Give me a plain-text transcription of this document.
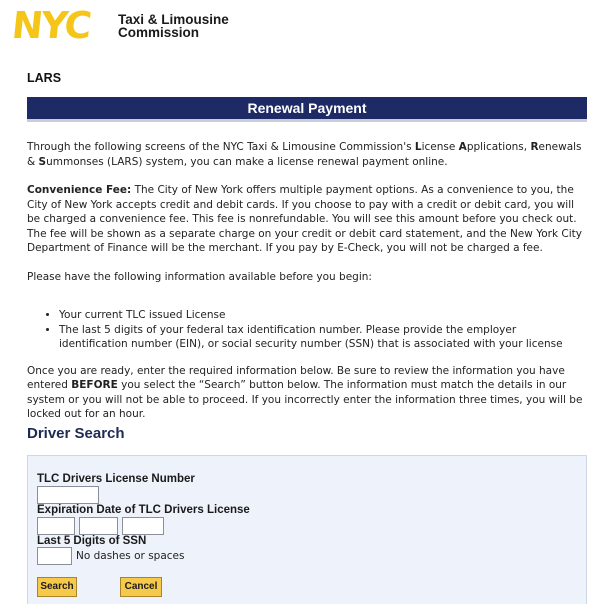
NYC Taxi & Limousine
Commission
LARS
Renewal Payment

Through the following screens of the NYC Taxi & Limousine Commission's License Applications, Renewals & Summonses (LARS) system, you can make a license renewal payment online.

Convenience Fee: The City of New York offers multiple payment options. As a convenience to you, the City of New York accepts credit and debit cards. If you choose to pay with a credit or debit card, you will be charged a convenience fee. This fee is nonrefundable. You will see this amount before you check out. The fee will be shown as a separate charge on your credit or debit card statement, and the New York City Department of Finance will be the merchant. If you pay by E-Check, you will not be charged a fee.

Please have the following information available before you begin:

• Your current TLC issued License
• The last 5 digits of your federal tax identification number. Please provide the employer identification number (EIN), or social security number (SSN) that is associated with your license

Once you are ready, enter the required information below. Be sure to review the information you have entered BEFORE you select the “Search” button below. The information must match the details in our system or you will not be able to proceed. If you incorrectly enter the information three times, you will be locked out for an hour.

Driver Search
TLC Drivers License Number
Expiration Date of TLC Drivers License
Last 5 Digits of SSN
No dashes or spaces
Search	Cancel
